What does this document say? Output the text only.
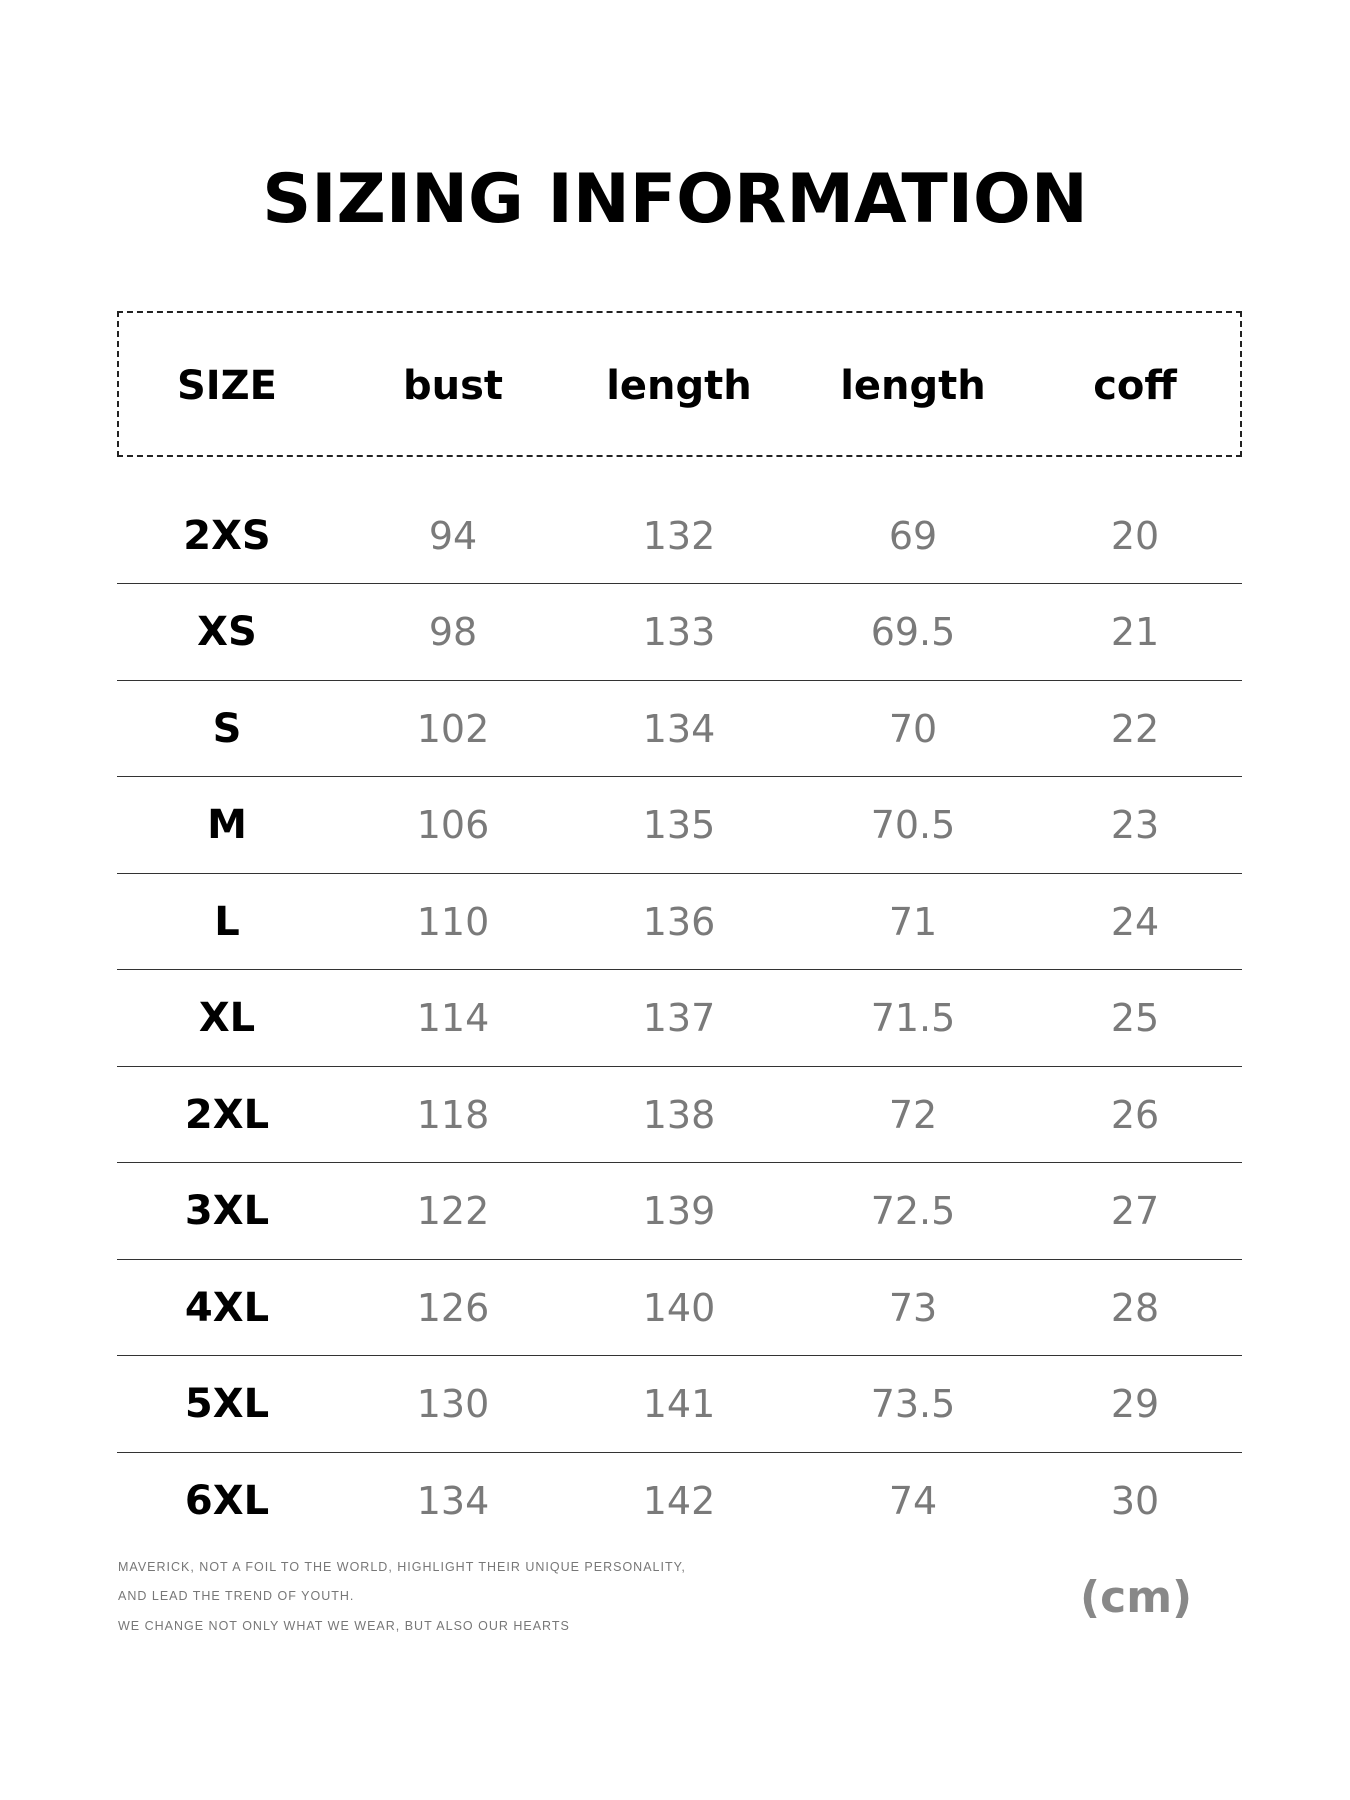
SIZING INFORMATION
SIZE	bust	length	length	coff
2XS	94	132	69	20
XS	98	133	69.5	21
S	102	134	70	22
M	106	135	70.5	23
L	110	136	71	24
XL	114	137	71.5	25
2XL	118	138	72	26
3XL	122	139	72.5	27
4XL	126	140	73	28
5XL	130	141	73.5	29
6XL	134	142	74	30
MAVERICK, NOT A FOIL TO THE WORLD, HIGHLIGHT THEIR UNIQUE PERSONALITY,
AND LEAD THE TREND OF YOUTH.
WE CHANGE NOT ONLY WHAT WE WEAR, BUT ALSO OUR HEARTS
(cm)
